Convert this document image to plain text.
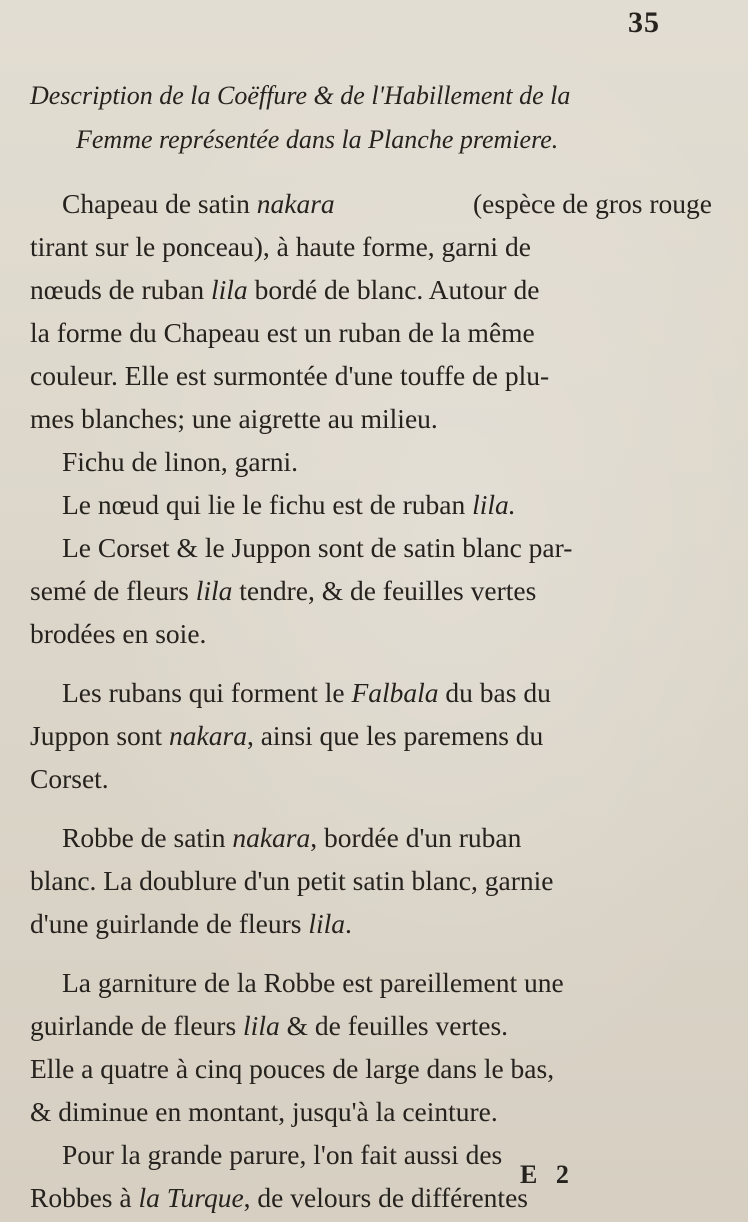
35
Description de la Coëffure & de l'Habillement de la
Femme représentée dans la Planche premiere.
Chapeau de satin nakara	(espèce de gros rouge
tirant sur le ponceau), à haute forme, garni de
nœuds de ruban lila bordé de blanc. Autour de
la forme du Chapeau est un ruban de la même
couleur. Elle est surmontée d'une touffe de plu-
mes blanches; une aigrette au milieu.
Fichu de linon, garni.
Le nœud qui lie le fichu est de ruban lila.
Le Corset & le Juppon sont de satin blanc par-
semé de fleurs lila tendre, & de feuilles vertes
brodées en soie.
Les rubans qui forment le Falbala du bas du
Juppon sont nakara, ainsi que les paremens du
Corset.
Robbe de satin nakara, bordée d'un ruban
blanc. La doublure d'un petit satin blanc, garnie
d'une guirlande de fleurs lila.
La garniture de la Robbe est pareillement une
guirlande de fleurs lila & de feuilles vertes.
Elle a quatre à cinq pouces de large dans le bas,
& diminue en montant, jusqu'à la ceinture.
Pour la grande parure, l'on fait aussi des
Robbes à la Turque, de velours de différentes
E 2
